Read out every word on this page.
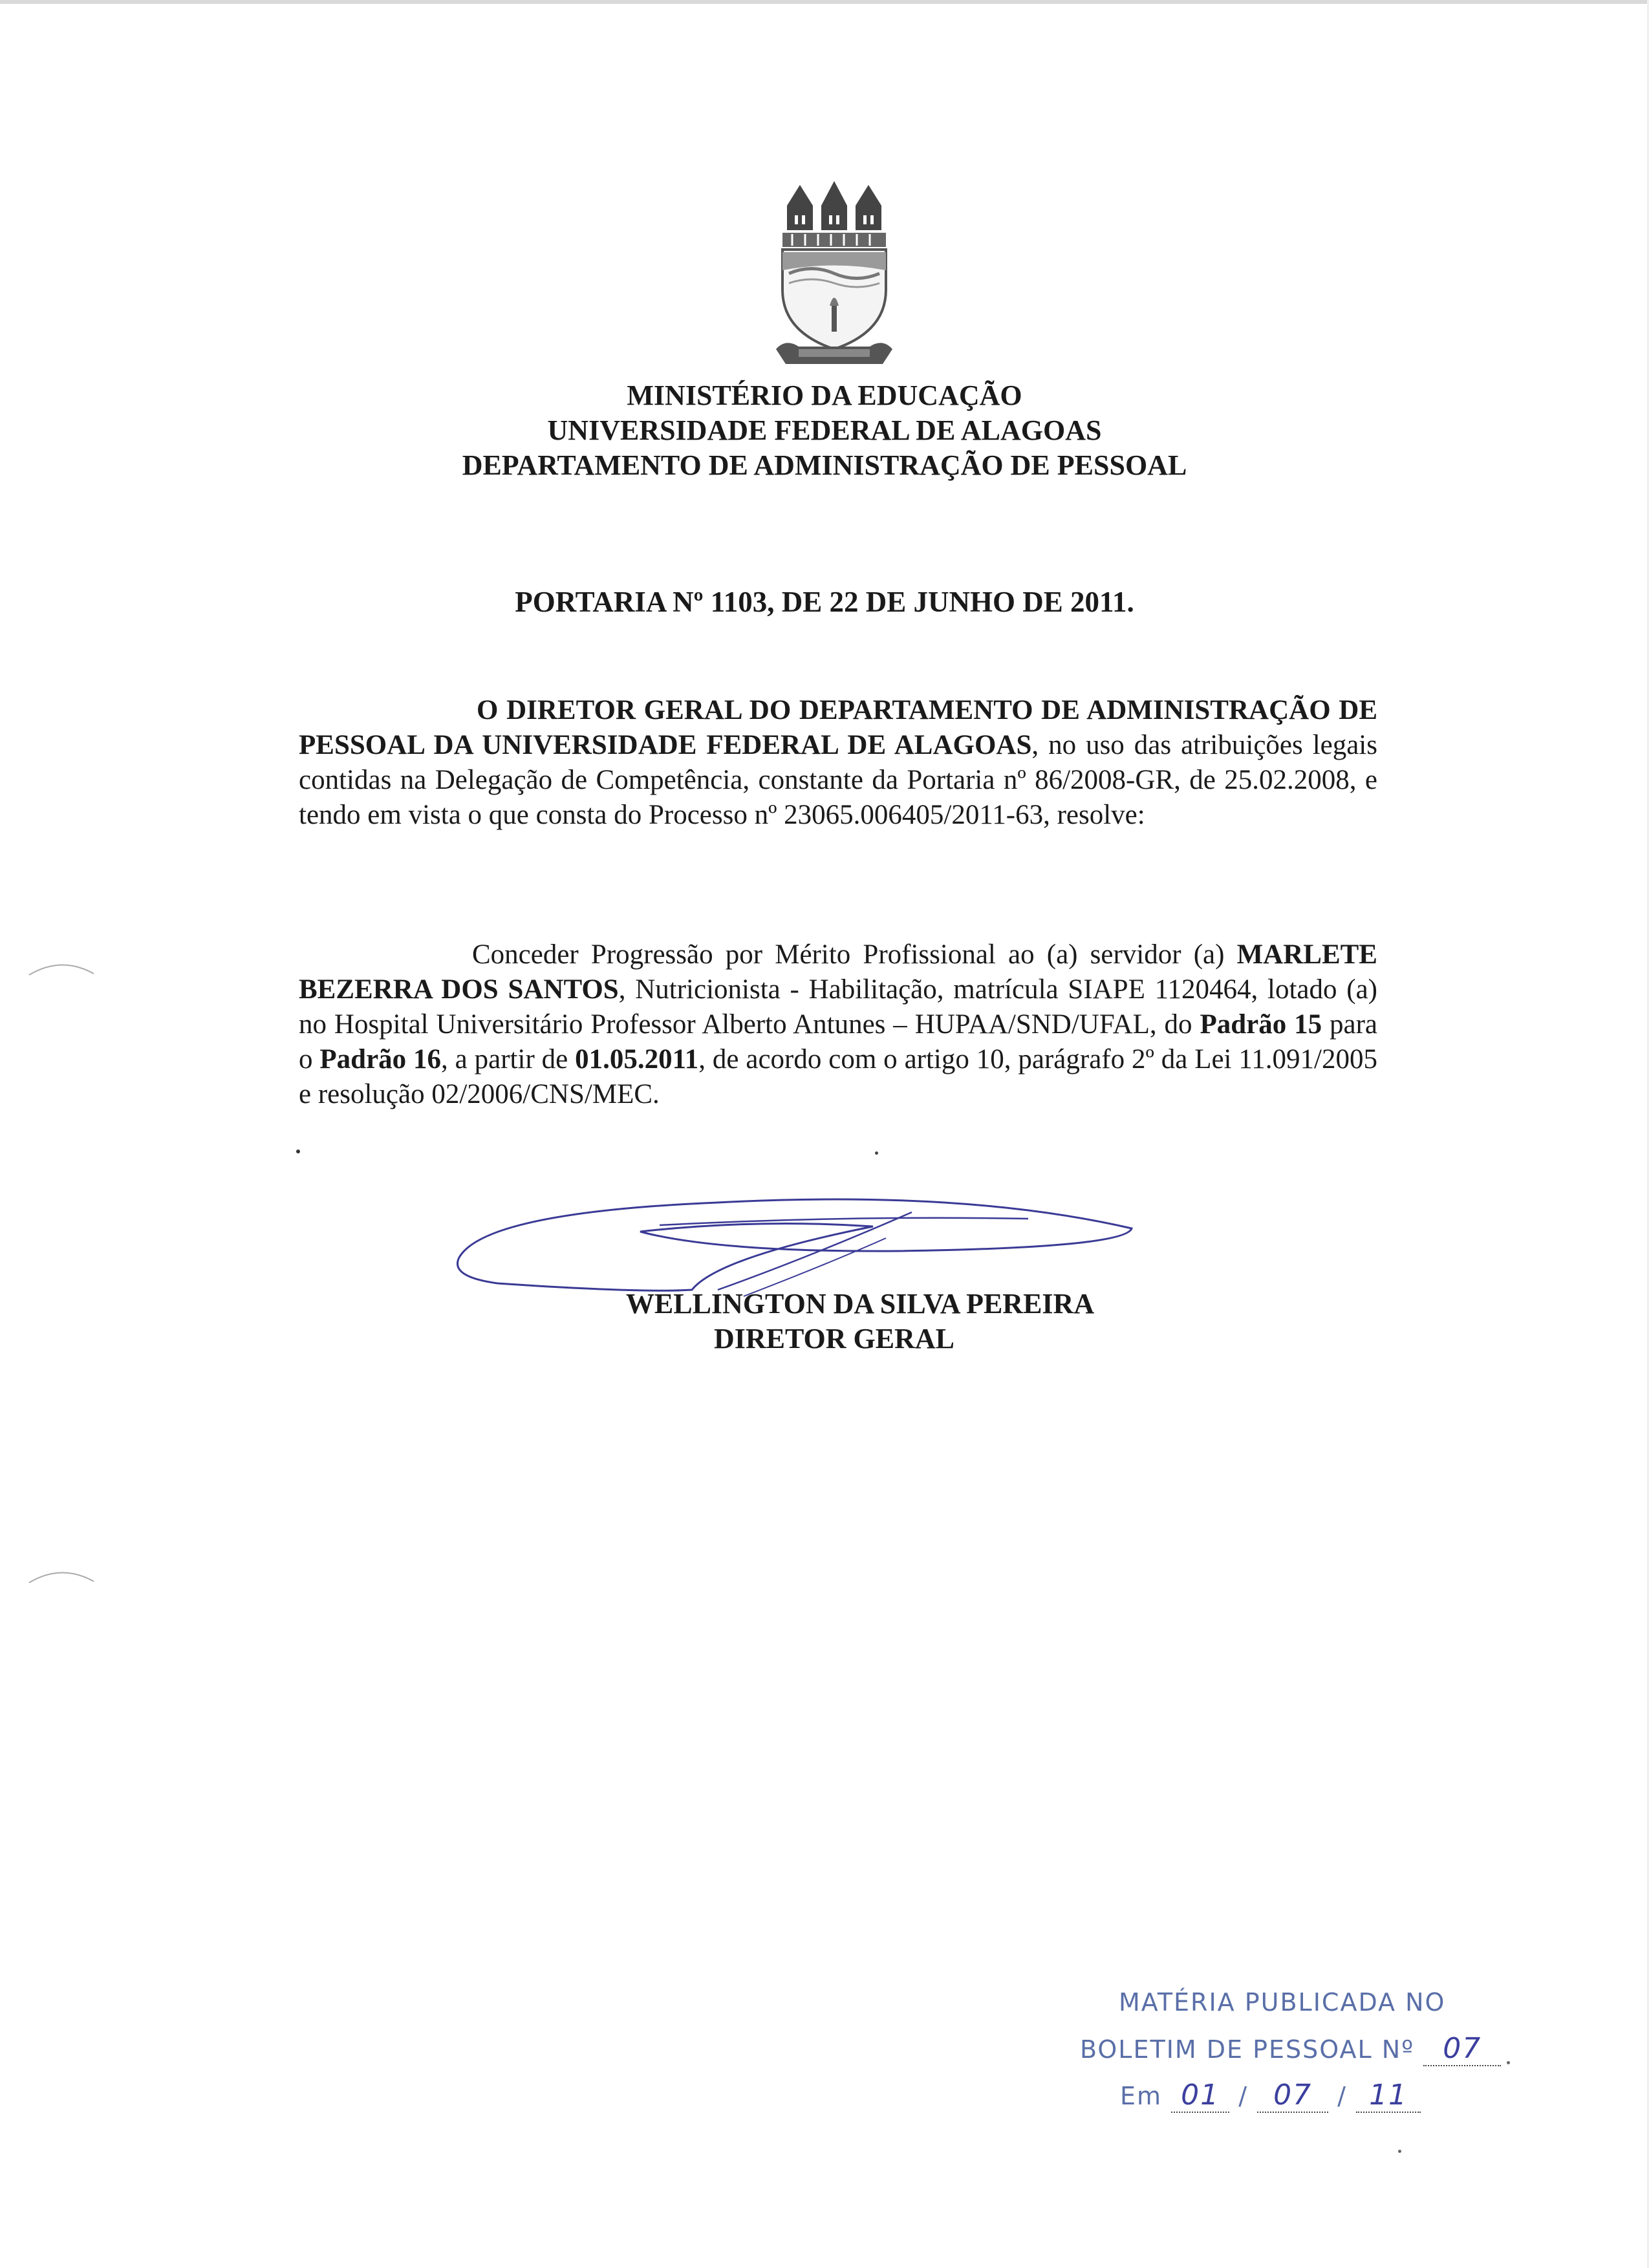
MINISTÉRIO DA EDUCAÇÃO
UNIVERSIDADE FEDERAL DE ALAGOAS
DEPARTAMENTO DE ADMINISTRAÇÃO DE PESSOAL
PORTARIA Nº 1103, DE 22 DE JUNHO DE 2011.
O DIRETOR GERAL DO DEPARTAMENTO DE ADMINISTRAÇÃO DE PESSOAL DA UNIVERSIDADE FEDERAL DE ALAGOAS, no uso das atribuições legais contidas na Delegação de Competência, constante da Portaria nº 86/2008-GR, de 25.02.2008, e tendo em vista o que consta do Processo nº 23065.006405/2011-63, resolve:
Conceder Progressão por Mérito Profissional ao (a) servidor (a) MARLETE BEZERRA DOS SANTOS, Nutricionista - Habilitação, matrícula SIAPE 1120464, lotado (a) no Hospital Universitário Professor Alberto Antunes – HUPAA/SND/UFAL, do Padrão 15 para o Padrão 16, a partir de 01.05.2011, de acordo com o artigo 10, parágrafo 2º da Lei 11.091/2005 e resolução 02/2006/CNS/MEC.
WELLINGTON DA SILVA PEREIRA
DIRETOR GERAL
MATÉRIA PUBLICADA NO
BOLETIM DE PESSOAL Nº 07
Em 01 / 07 / 11
